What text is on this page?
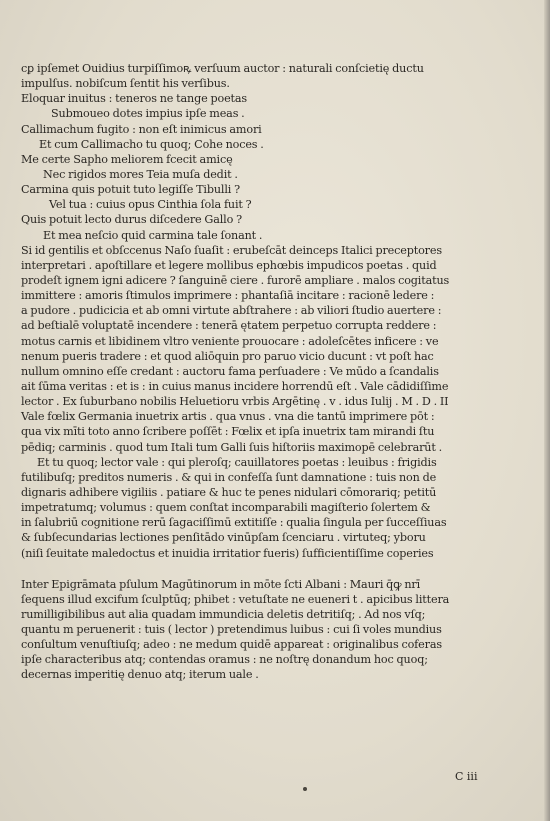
cꝑ ipſemet Ouidius turpiſſimoꝶ verſuum auctor : naturali conſcietię ductu
impulſus. nobiſcum ſentit his verſibus.
Eloquar inuitus : teneros ne tange poetas
Submoueo dotes impius ipſe meas .
Callimachum fugito : non eſt inimicus amori
Et cum Callimacho tu quoq; Cohe noces .
Me certe Sapho meliorem fcecit amicę
Nec rigidos mores Teia muſa dedit .
Carmina quis potuit tuto legiſſe Tibulli ?
Vel tua : cuius opus Cinthia ſola fuit ?
Quis potuit lecto durus diſcedere Gallo ?
Et mea neſcio quid carmina tale ſonant .
Si id gentilis et obſccenus Naſo ſuaſit : erubeſcāt deinceps Italici preceptores
interpretari . apoſtillare et legere mollibus ephœbis impudicos poetas . quid
prodeſt ignem igni adicere ? ſanguinē ciere . furorē ampliare . malos cogitatus
immittere : amoris ſtimulos imprimere : phantaſiā incitare : racionē ledere :
a pudore . pudicicia et ab omni virtute abſtrahere : ab viliori ſtudio auertere :
ad beſtialē voluptatē incendere : tenerā ętatem perpetuo corrupta reddere :
motus carnis et libidinem vltro veniente prouocare : adoleſcētes inficere : ve
nenum pueris tradere : et quod aliōquin pro paruo vicio ducunt : vt poſt hac
nullum omnino eſſe credant : auctoru fama perſuadere : Ve mūdo a ſcandalis
ait ſūma veritas : et is : in cuius manus incidere horrendū eſt . Vale cādidiſſime
lector . Ex ſuburbano nobilis Heluetioru vrbis Argētinę . v . idus Iulij . M . D . II
Vale fœlix Germania inuetrix artis . qua vnus . vna die tantū imprimere pōt :
qua vix mīti toto anno ſcribere poſſēt : Fœlix et ipſa inuetrix tam mirandi ſtu
pēdiq; carminis . quod tum Itali tum Galli ſuis hiſtoriis maximopē celebrarūt .
Et tu quoq; lector vale : qui pleroſq; cauillatores poetas : leuibus : frigidis
futilibuſq; preditos numeris . & qui in confeſſa ſunt damnatione : tuis non de
dignaris adhibere vigiliis . patiare & huc te penes nidulari cōmorariq; petitū
impetratumq; volumus : quem conſtat incomparabili magiſterio ſolertem &
in ſalubriū cognitione rerū ſagaciſſimū extitiſſe : qualia ſingula per ſucceſſiuas
& ſubſecundarias lectiones penſitādo vinūpſam ſcenciaru . virtuteq; yboru
(niſi ſeuitate maledoctus et inuidia irritatior fueris) ſufficientiſſime coperies
Inter Epigrāmata pſulum Magūtinorum in mōte ſcti Albani : Mauri q̄ꝙ nrī
ſequens illud excifum ſculptūq; phibet : vetuſtate ne eueneri t . apicibus littera
rumilligibilibus aut alia quadam immundicia deletis detritiſq; . Ad nos vſq;
quantu m peruenerit : tuis ( lector ) pretendimus luibus : cui ſi voles mundius
conſultum venuſtiuſq; adeo : ne medum quidē appareat : originalibus coferas
ipſe characteribus atq; contendas oramus : ne noſtrę donandum hoc quoq;
decernas imperitię denuo atq; iterum uale .
C iii
